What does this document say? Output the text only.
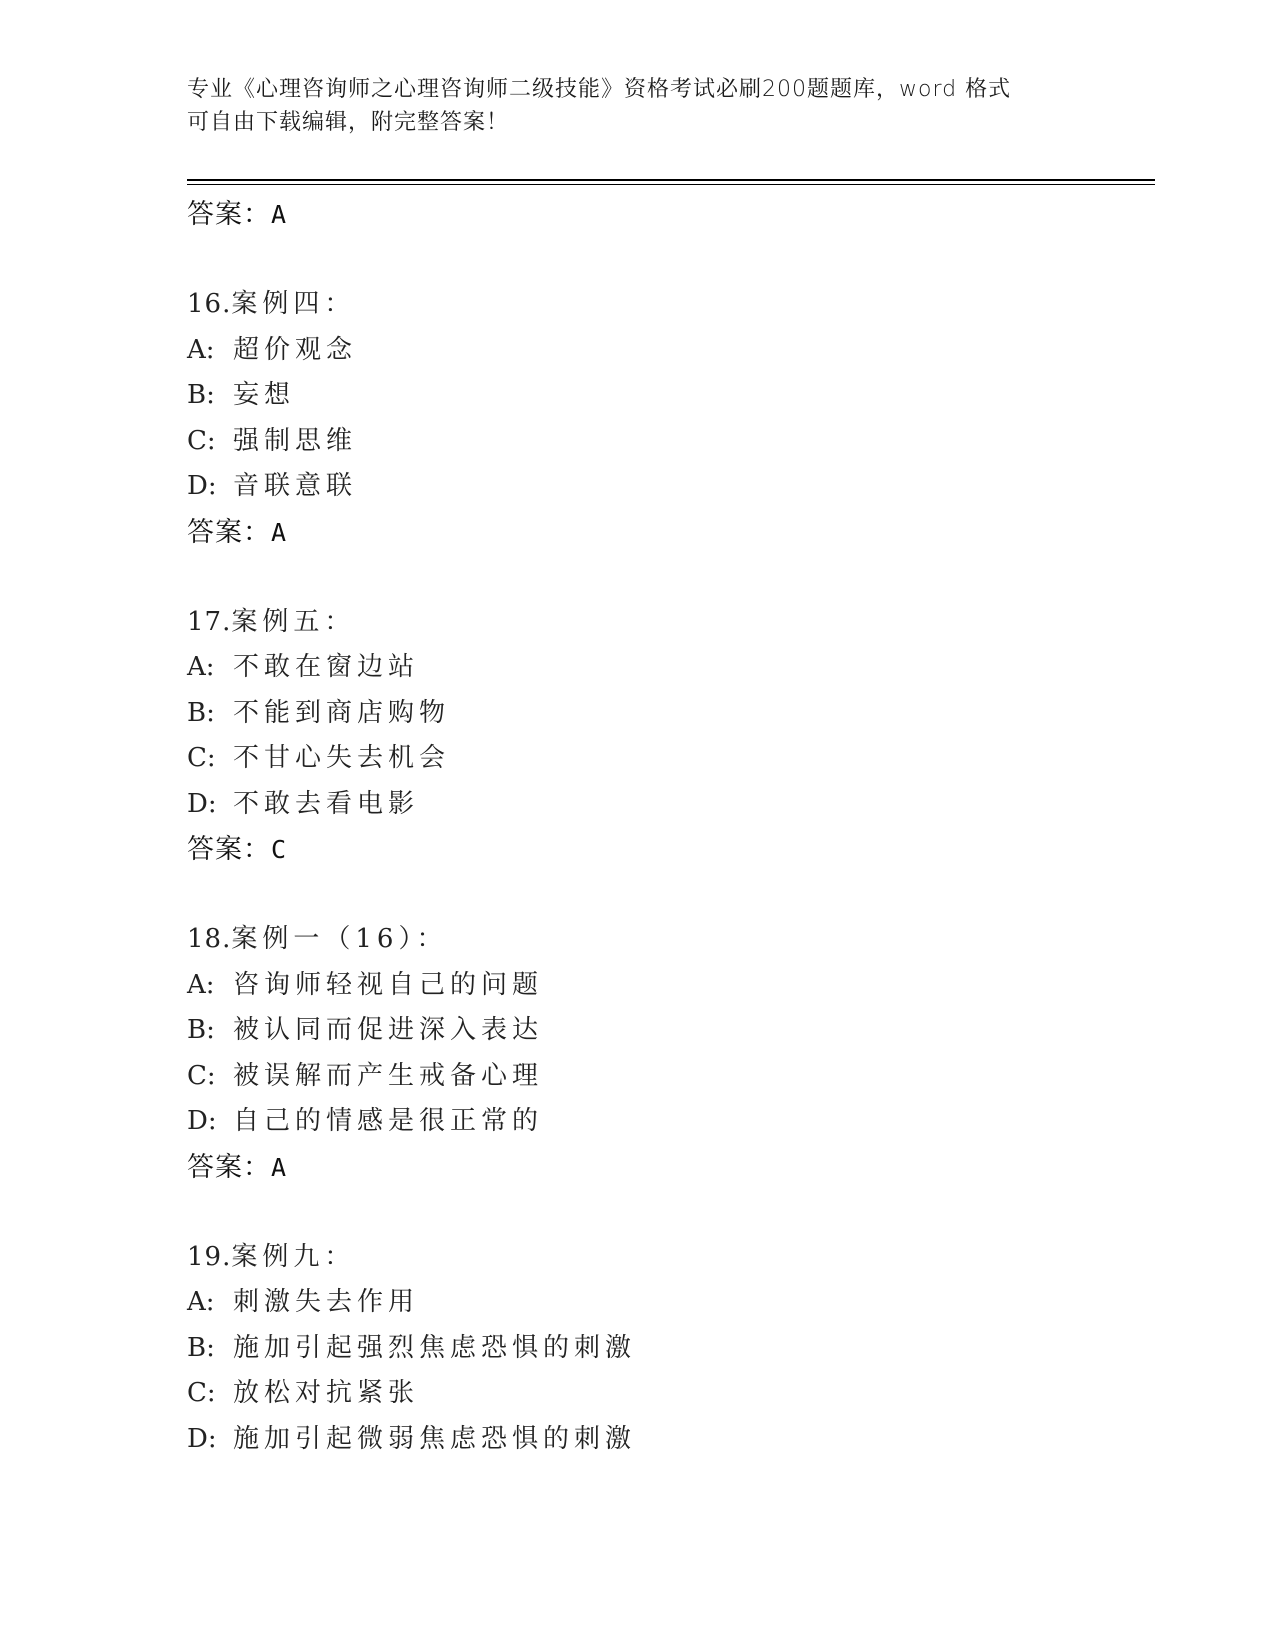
专业《心理咨询师之心理咨询师二级技能》资格考试必刷200题题库，word 格式
可自由下载编辑，附完整答案！
答案：A
16.案例四：
A: 超价观念
B: 妄想
C: 强制思维
D: 音联意联
答案：A
17.案例五：
A: 不敢在窗边站
B: 不能到商店购物
C: 不甘心失去机会
D: 不敢去看电影
答案：C
18.案例一（16）：
A: 咨询师轻视自己的问题
B: 被认同而促进深入表达
C: 被误解而产生戒备心理
D: 自己的情感是很正常的
答案：A
19.案例九：
A: 刺激失去作用
B: 施加引起强烈焦虑恐惧的刺激
C: 放松对抗紧张
D: 施加引起微弱焦虑恐惧的刺激
